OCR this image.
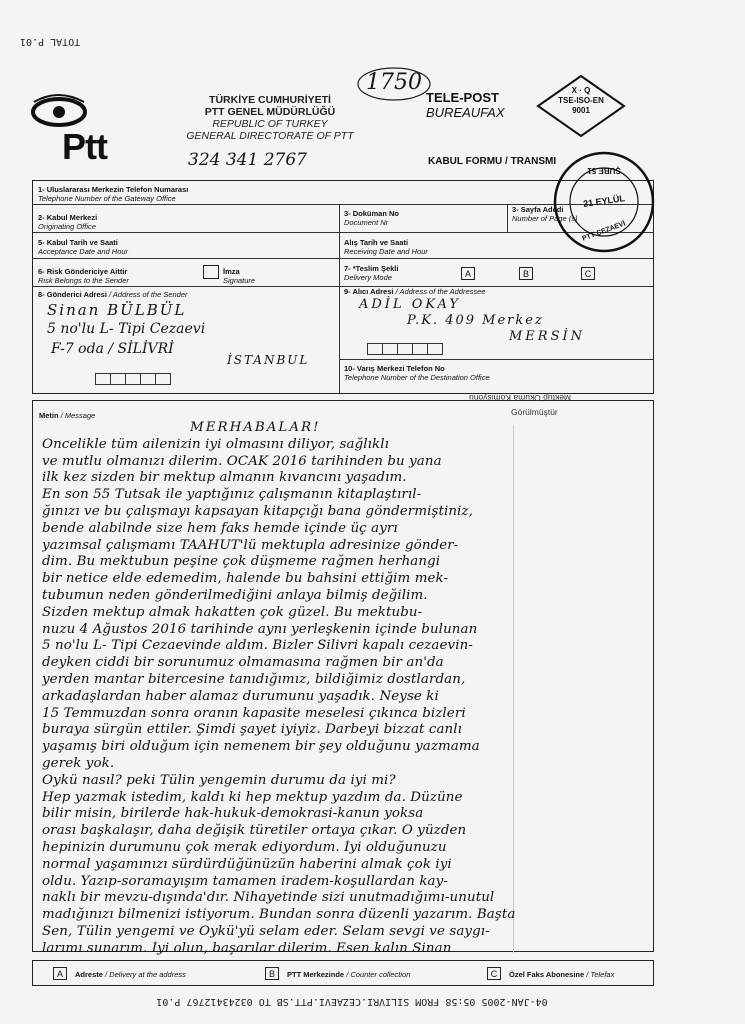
TOTAL P.01
Ptt
TÜRKİYE CUMHURİYETİ
PTT GENEL MÜDÜRLÜĞÜ
REPUBLIC OF TURKEY
GENERAL DIRECTORATE OF PTT
1750
324 341 2767
TELE-POST
BUREAUFAX
X · Q
TSE-ISO-EN
9001
KABUL FORMU / TRANSMI
1- Uluslararası Merkezin Telefon Numarası
Telephone Number of the Gateway Office
2- Kabul Merkezi
Originating Office
3- Doküman No
Document Nr
3- Sayfa Adedi
Number of Page (s)
5- Kabul Tarih ve Saati
Acceptance Date and Hour
Alış Tarih ve Saati
Receiving Date and Hour
6- Risk Göndericiye Aittir
Risk Belongs to the Sender
İmza
Signature
7- *Teslim Şekli
Delivery Mode	A	B	C
8- Gönderici Adresi / Address of the Sender
Sinan BÜLBÜL
5 no'lu L- Tipi Cezaevi
F-7 oda / SİLİVRİ
İSTANBUL
9- Alıcı Adresi / Address of the Addressee
ADİL OKAY
P.K. 409 Merkez
MERSİN
10- Varış Merkezi Telefon No
Telephone Number of the Destination Office
ŞUBE 51
21 EYLÜL
PTT CEZAEVİ
Metin / Message
Mektup Okuma Komisyonu
Görülmüştür
MERHABALAR!
Öncelikle tüm ailenizin iyi olmasını diliyor, sağlıklı
ve mutlu olmanızı dilerim. OCAK 2016 tarihinden bu yana
ilk kez sizden bir mektup almanın kıvancını yaşadım.
En son 55 Tutsak ile yaptığınız çalışmanın kitaplaştırıl-
ğınızı ve bu çalışmayı kapsayan kitapçığı bana göndermiştiniz,
bende alabilnde size hem faks hemde içinde üç ayrı
yazımsal çalışmamı TAAHÜT'lü mektupla adresinize gönder-
dim. Bu mektubun peşine çok düşmeme rağmen herhangi
bir netice elde edemedim, halende bu bahsini ettiğim mek-
tubumun neden gönderilmediğini anlaya bilmiş değilim.
Sizden mektup almak hakatten çok güzel. Bu mektubu-
nuzu 4 Ağustos 2016 tarihinde aynı yerleşkenin içinde bulunan
5 no'lu L- Tipi Cezaevinde aldım. Bizler Silivri kapalı cezaevin-
deyken ciddi bir sorunumuz olmamasına rağmen bir an'da
yerden mantar bitercesine tanıdığımız, bildiğimiz dostlardan,
arkadaşlardan haber alamaz durumunu yaşadık. Neyse ki
15 Temmuzdan sonra oranın kapasite meselesi çıkınca bizleri
buraya sürgün ettiler. Şimdi şayet iyiyiz. Darbeyi bizzat canlı
yaşamış biri olduğum için nemenem bir şey olduğunu yazmama
gerek yok.
Öykü nasıl? peki Tülin yengemin durumu da iyi mi?
Hep yazmak istedim, kaldı ki hep mektup yazdım da. Düzüne
bilir misin, birilerde hak-hukuk-demokrasi-kanun yoksa
orası başkalaşır, daha değişik türetiler ortaya çıkar. O yüzden
hepinizin durumunu çok merak ediyordum. İyi olduğunuzu
normal yaşamınızı sürdürdüğünüzün haberini almak çok iyi
oldu. Yazıp-soramayışım tamamen iradem-koşullardan kay-
naklı bir mevzu-dışında'dır. Nihayetinde sizi unutmadığımı-unutul
madığınızı bilmenizi istiyorum. Bundan sonra düzenli yazarım. Başta
Sen, Tülin yengemi ve Öykü'yü selam eder. Selam sevgi ve saygı-
larımı sunarım. İyi olun, başarılar dilerim. Esen kalın Sinan
A	Adreste / Delivery at the address	B	PTT Merkezinde / Counter collection	C	Özel Faks Abonesine / Telefax
04-JAN-2005 05:58 FROM SILIVRI.CEZAEVI.PTT.SB TO 03243412767 P.01
